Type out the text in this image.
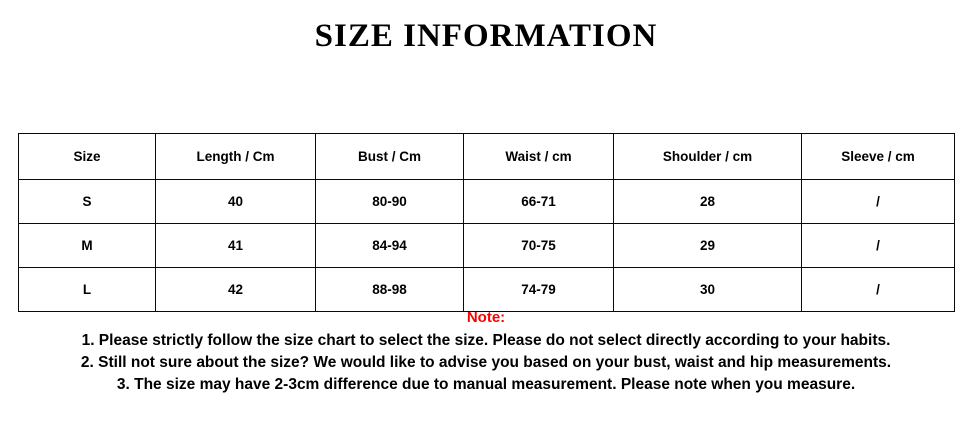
SIZE INFORMATION
Size	Length / Cm	Bust / Cm	Waist / cm	Shoulder / cm	Sleeve / cm
S	40	80-90	66-71	28	/
M	41	84-94	70-75	29	/
L	42	88-98	74-79	30	/

Note:

1. Please strictly follow the size chart to select the size. Please do not select directly according to your habits.

2. Still not sure about the size? We would like to advise you based on your bust, waist and hip measurements.

3. The size may have 2-3cm difference due to manual measurement. Please note when you measure.
